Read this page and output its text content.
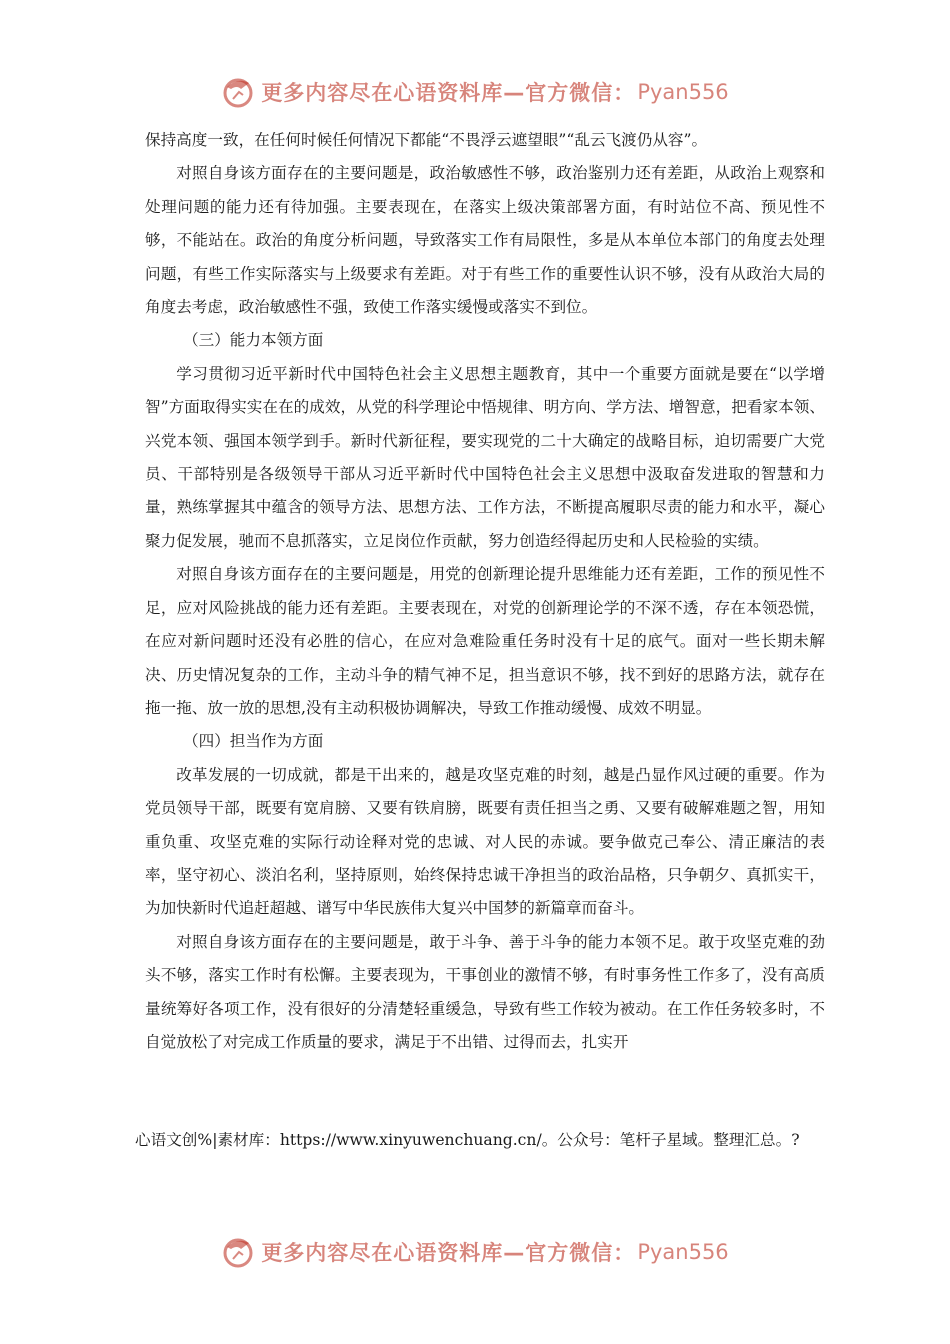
更多内容尽在心语资料库—官方微信： Pyan556

保持高度一致，在任何时候任何情况下都能“不畏浮云遮望眼”“乱云飞渡仍从容”。

对照自身该方面存在的主要问题是，政治敏感性不够，政治鉴别力还有差距，从政治上观察和处理问题的能力还有待加强。主要表现在，在落实上级决策部署方面，有时站位不高、预见性不够，不能站在。政治的角度分析问题，导致落实工作有局限性，多是从本单位本部门的角度去处理问题，有些工作实际落实与上级要求有差距。对于有些工作的重要性认识不够，没有从政治大局的角度去考虑，政治敏感性不强，致使工作落实缓慢或落实不到位。

（三）能力本领方面

学习贯彻习近平新时代中国特色社会主义思想主题教育，其中一个重要方面就是要在“以学增智”方面取得实实在在的成效，从党的科学理论中悟规律、明方向、学方法、增智意，把看家本领、兴党本领、强国本领学到手。新时代新征程，要实现党的二十大确定的战略目标，迫切需要广大党员、干部特别是各级领导干部从习近平新时代中国特色社会主义思想中汲取奋发进取的智慧和力量，熟练掌握其中蕴含的领导方法、思想方法、工作方法，不断提高履职尽责的能力和水平，凝心聚力促发展，驰而不息抓落实，立足岗位作贡献，努力创造经得起历史和人民检验的实绩。

对照自身该方面存在的主要问题是，用党的创新理论提升思维能力还有差距，工作的预见性不足，应对风险挑战的能力还有差距。主要表现在，对党的创新理论学的不深不透，存在本领恐慌，在应对新问题时还没有必胜的信心，在应对急难险重任务时没有十足的底气。面对一些长期未解决、历史情况复杂的工作，主动斗争的精气神不足，担当意识不够，找不到好的思路方法，就存在拖一拖、放一放的思想,没有主动积极协调解决，导致工作推动缓慢、成效不明显。

（四）担当作为方面

改革发展的一切成就，都是干出来的，越是攻坚克难的时刻，越是凸显作风过硬的重要。作为党员领导干部，既要有宽肩膀、又要有铁肩膀，既要有责任担当之勇、又要有破解难题之智，用知重负重、攻坚克难的实际行动诠释对党的忠诚、对人民的赤诚。要争做克己奉公、清正廉洁的表率，坚守初心、淡泊名利，坚持原则，始终保持忠诚干净担当的政治品格，只争朝夕、真抓实干，为加快新时代追赶超越、谱写中华民族伟大复兴中国梦的新篇章而奋斗。

对照自身该方面存在的主要问题是，敢于斗争、善于斗争的能力本领不足。敢于攻坚克难的劲头不够，落实工作时有松懈。主要表现为，干事创业的激情不够，有时事务性工作多了，没有高质量统筹好各项工作，没有很好的分清楚轻重缓急，导致有些工作较为被动。在工作任务较多时，不自觉放松了对完成工作质量的要求，满足于不出错、过得而去，扎实开

心语文创%|素材库：https://www.xinyuwenchuang.cn/。公众号：笔杆子星域。整理汇总。?
更多内容尽在心语资料库—官方微信： Pyan556
